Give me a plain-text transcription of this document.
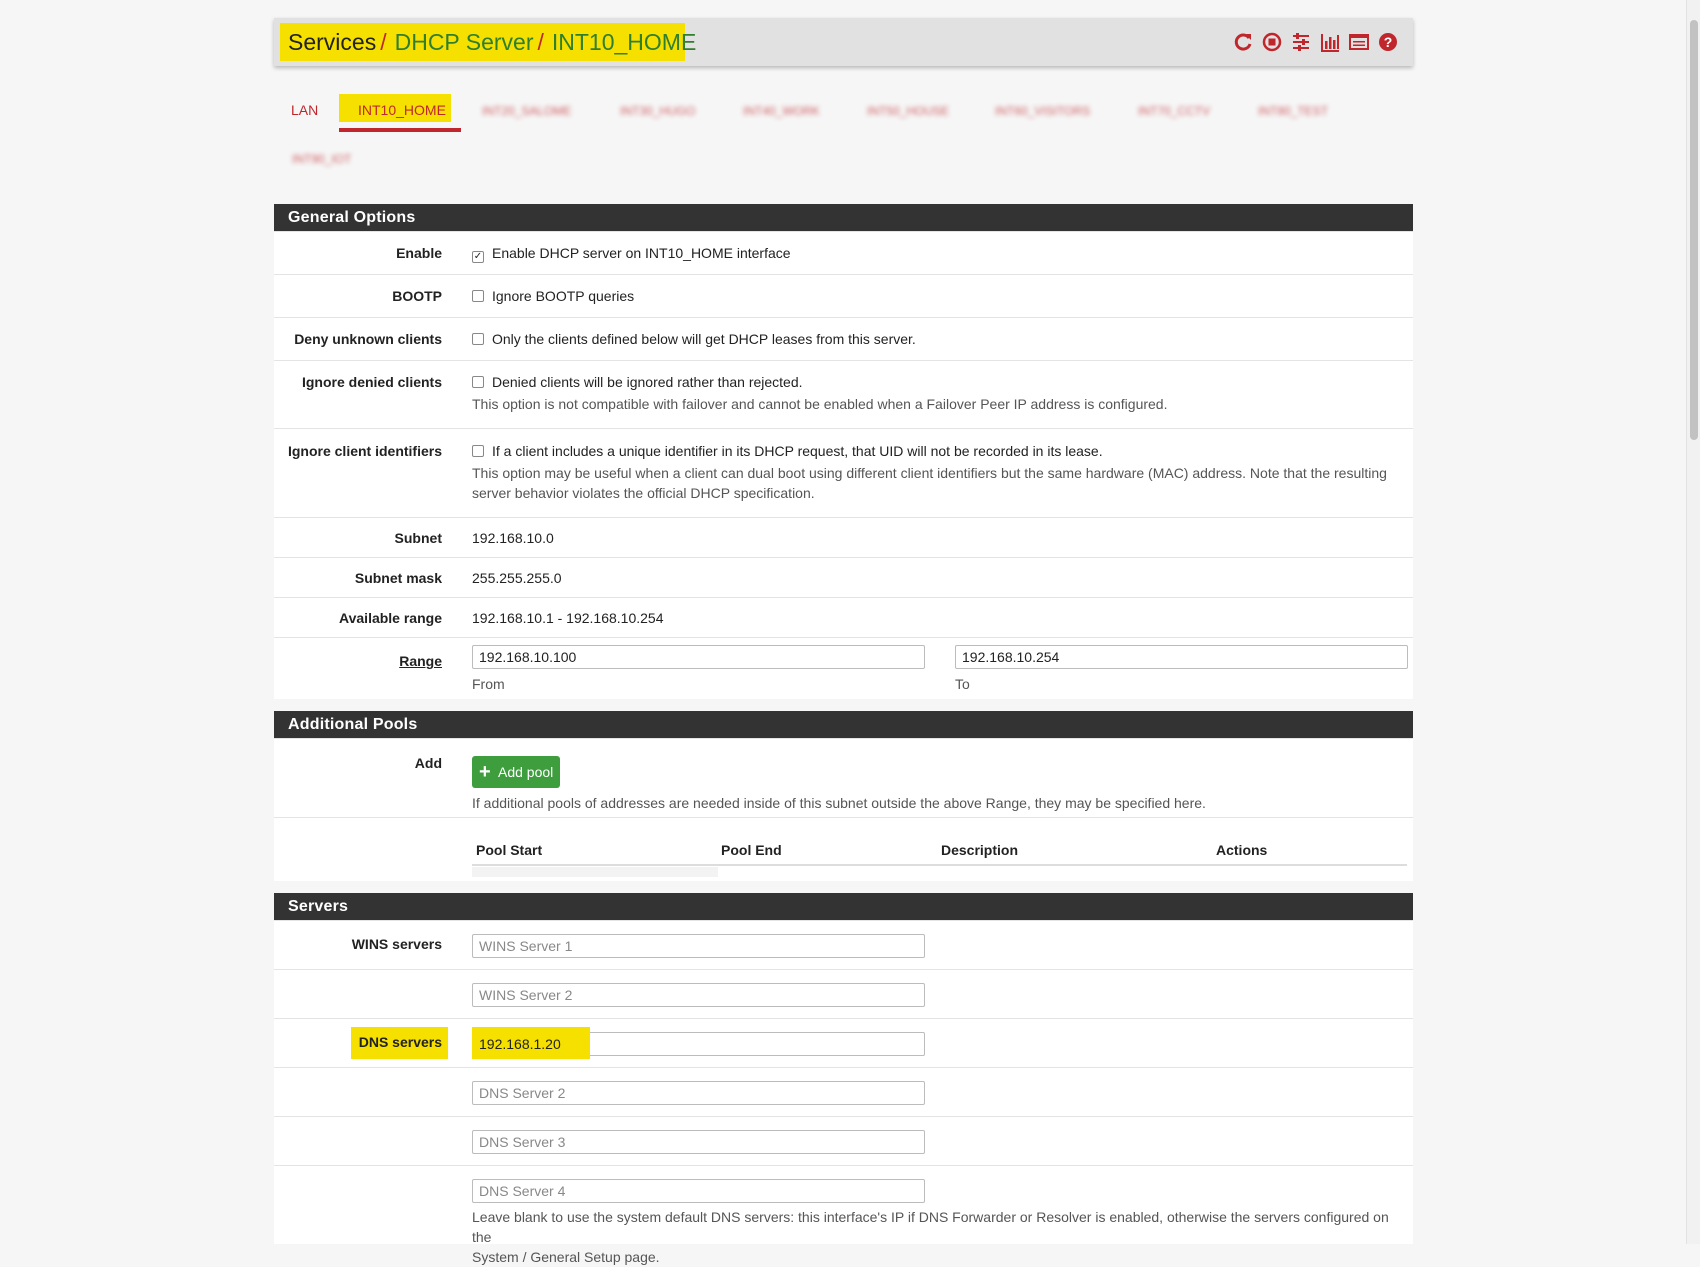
Services / DHCP Server / INT10_HOME	?
LAN	INT10_HOME	INT20_SALOME	INT30_HUGO	INT40_WORK	INT50_HOUSE	INT60_VISITORS	INT70_CCTV	INT80_TEST
INT90_IOT
General Options
Enable	✓ Enable DHCP server on INT10_HOME interface
BOOTP	Ignore BOOTP queries
Deny unknown clients	Only the clients defined below will get DHCP leases from this server.
Ignore denied clients	Denied clients will be ignored rather than rejected.
This option is not compatible with failover and cannot be enabled when a Failover Peer IP address is configured.
Ignore client identifiers	If a client includes a unique identifier in its DHCP request, that UID will not be recorded in its lease.
This option may be useful when a client can dual boot using different client identifiers but the same hardware (MAC) address. Note that the resulting
server behavior violates the official DHCP specification.
Subnet 192.168.10.0
Subnet mask 255.255.255.0
Available range 192.168.10.1 - 192.168.10.254
Range	192.168.10.100	192.168.10.254
From	To
Additional Pools
Add + Add pool
If additional pools of addresses are needed inside of this subnet outside the above Range, they may be specified here.
Pool Start	Pool End	Description	Actions
Servers
WINS servers	WINS Server 1
WINS Server 2
DNS servers	192.168.1.20
DNS Server 2
DNS Server 3
DNS Server 4
Leave blank to use the system default DNS servers: this interface's IP if DNS Forwarder or Resolver is enabled, otherwise the servers configured on the
System / General Setup page.
